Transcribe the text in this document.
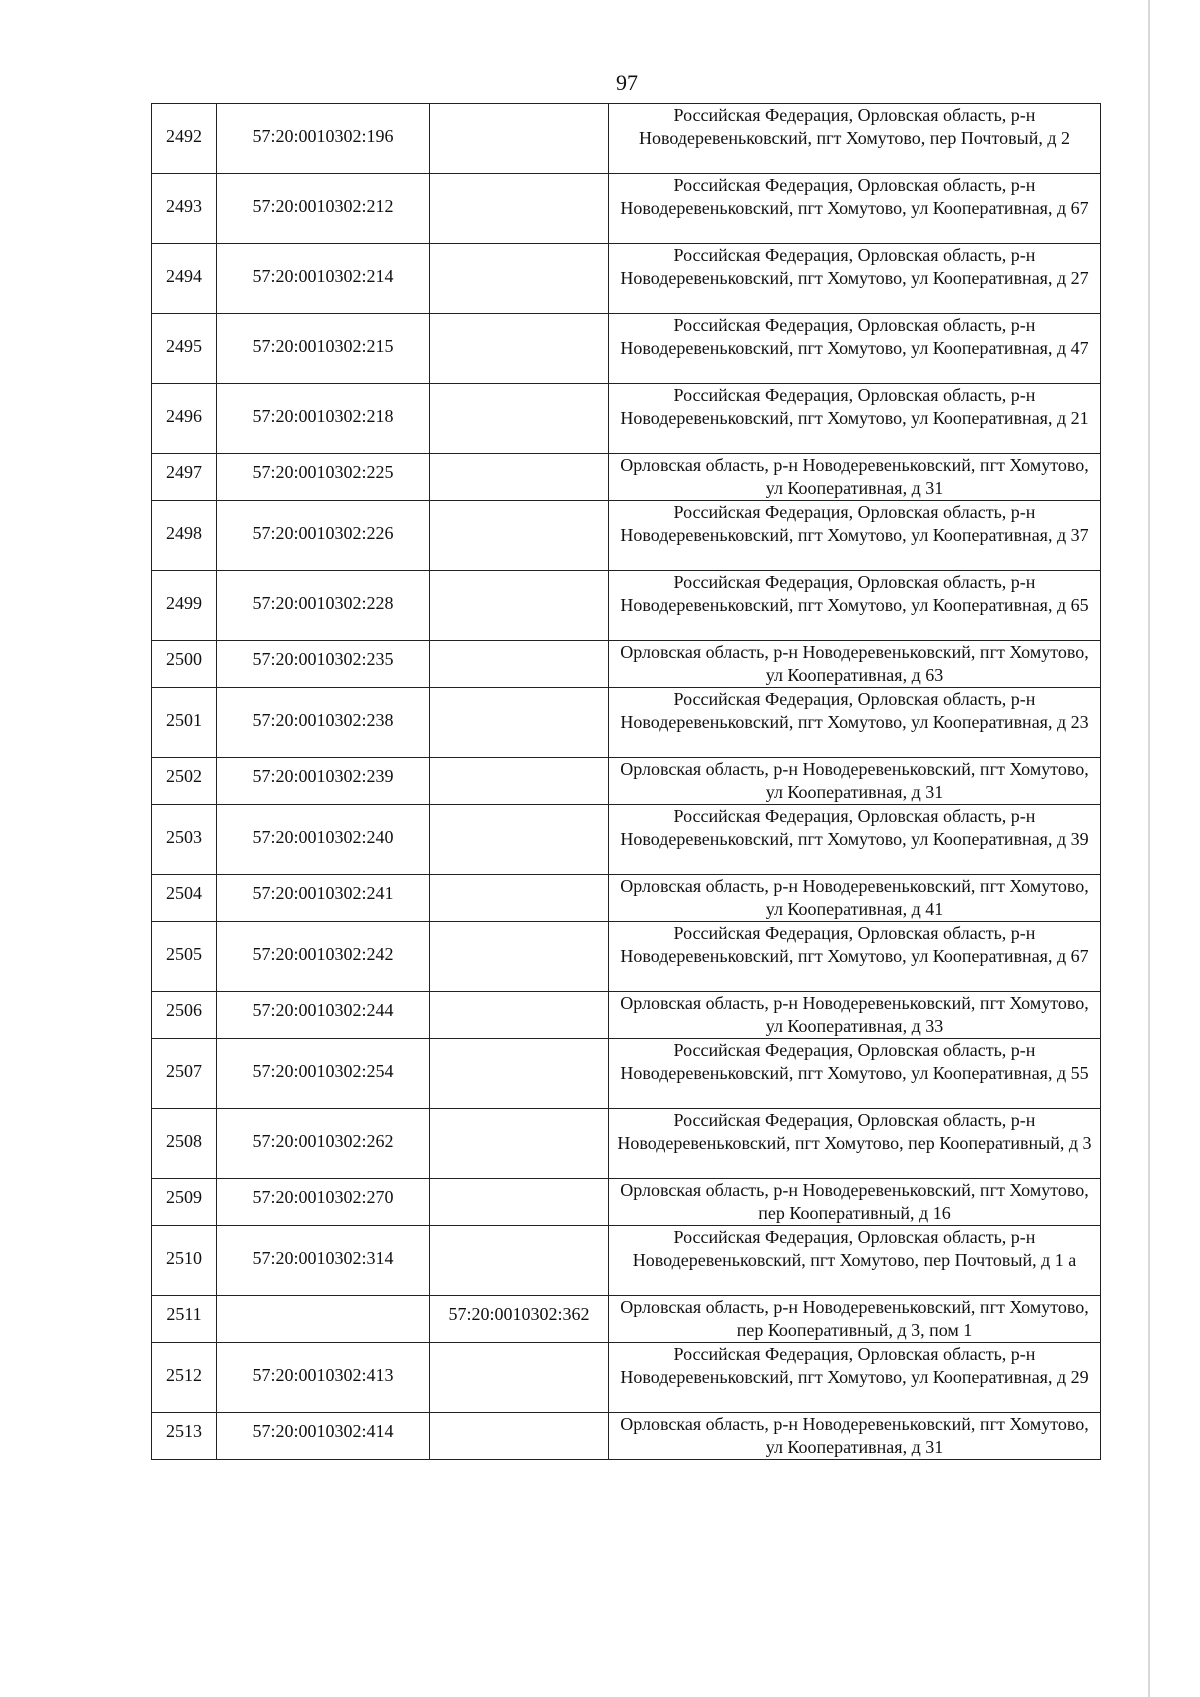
97
2492	57:20:0010302:196		Российская Федерация, Орловская область, р-н Новодеревеньковский, пгт Хомутово, пер Почтовый, д 2

2493	57:20:0010302:212		Российская Федерация, Орловская область, р-н Новодеревеньковский, пгт Хомутово, ул Кооперативная, д 67

2494	57:20:0010302:214		Российская Федерация, Орловская область, р-н Новодеревеньковский, пгт Хомутово, ул Кооперативная, д 27

2495	57:20:0010302:215		Российская Федерация, Орловская область, р-н Новодеревеньковский, пгт Хомутово, ул Кооперативная, д 47

2496	57:20:0010302:218		Российская Федерация, Орловская область, р-н Новодеревеньковский, пгт Хомутово, ул Кооперативная, д 21

2497	57:20:0010302:225		Орловская область, р-н Новодеревеньковский, пгт Хомутово, ул Кооперативная, д 31

2498	57:20:0010302:226		Российская Федерация, Орловская область, р-н Новодеревеньковский, пгт Хомутово, ул Кооперативная, д 37

2499	57:20:0010302:228		Российская Федерация, Орловская область, р-н Новодеревеньковский, пгт Хомутово, ул Кооперативная, д 65

2500	57:20:0010302:235		Орловская область, р-н Новодеревеньковский, пгт Хомутово, ул Кооперативная, д 63

2501	57:20:0010302:238		Российская Федерация, Орловская область, р-н Новодеревеньковский, пгт Хомутово, ул Кооперативная, д 23

2502	57:20:0010302:239		Орловская область, р-н Новодеревеньковский, пгт Хомутово, ул Кооперативная, д 31

2503	57:20:0010302:240		Российская Федерация, Орловская область, р-н Новодеревеньковский, пгт Хомутово, ул Кооперативная, д 39

2504	57:20:0010302:241		Орловская область, р-н Новодеревеньковский, пгт Хомутово, ул Кооперативная, д 41

2505	57:20:0010302:242		Российская Федерация, Орловская область, р-н Новодеревеньковский, пгт Хомутово, ул Кооперативная, д 67

2506	57:20:0010302:244		Орловская область, р-н Новодеревеньковский, пгт Хомутово, ул Кооперативная, д 33

2507	57:20:0010302:254		Российская Федерация, Орловская область, р-н Новодеревеньковский, пгт Хомутово, ул Кооперативная, д 55

2508	57:20:0010302:262		Российская Федерация, Орловская область, р-н Новодеревеньковский, пгт Хомутово, пер Кооперативный, д 3

2509	57:20:0010302:270		Орловская область, р-н Новодеревеньковский, пгт Хомутово, пер Кооперативный, д 16

2510	57:20:0010302:314		Российская Федерация, Орловская область, р-н Новодеревеньковский, пгт Хомутово, пер Почтовый, д 1 а

2511		57:20:0010302:362	Орловская область, р-н Новодеревеньковский, пгт Хомутово, пер Кооперативный, д 3, пом 1

2512	57:20:0010302:413		Российская Федерация, Орловская область, р-н Новодеревеньковский, пгт Хомутово, ул Кооперативная, д 29

2513	57:20:0010302:414		Орловская область, р-н Новодеревеньковский, пгт Хомутово, ул Кооперативная, д 31
